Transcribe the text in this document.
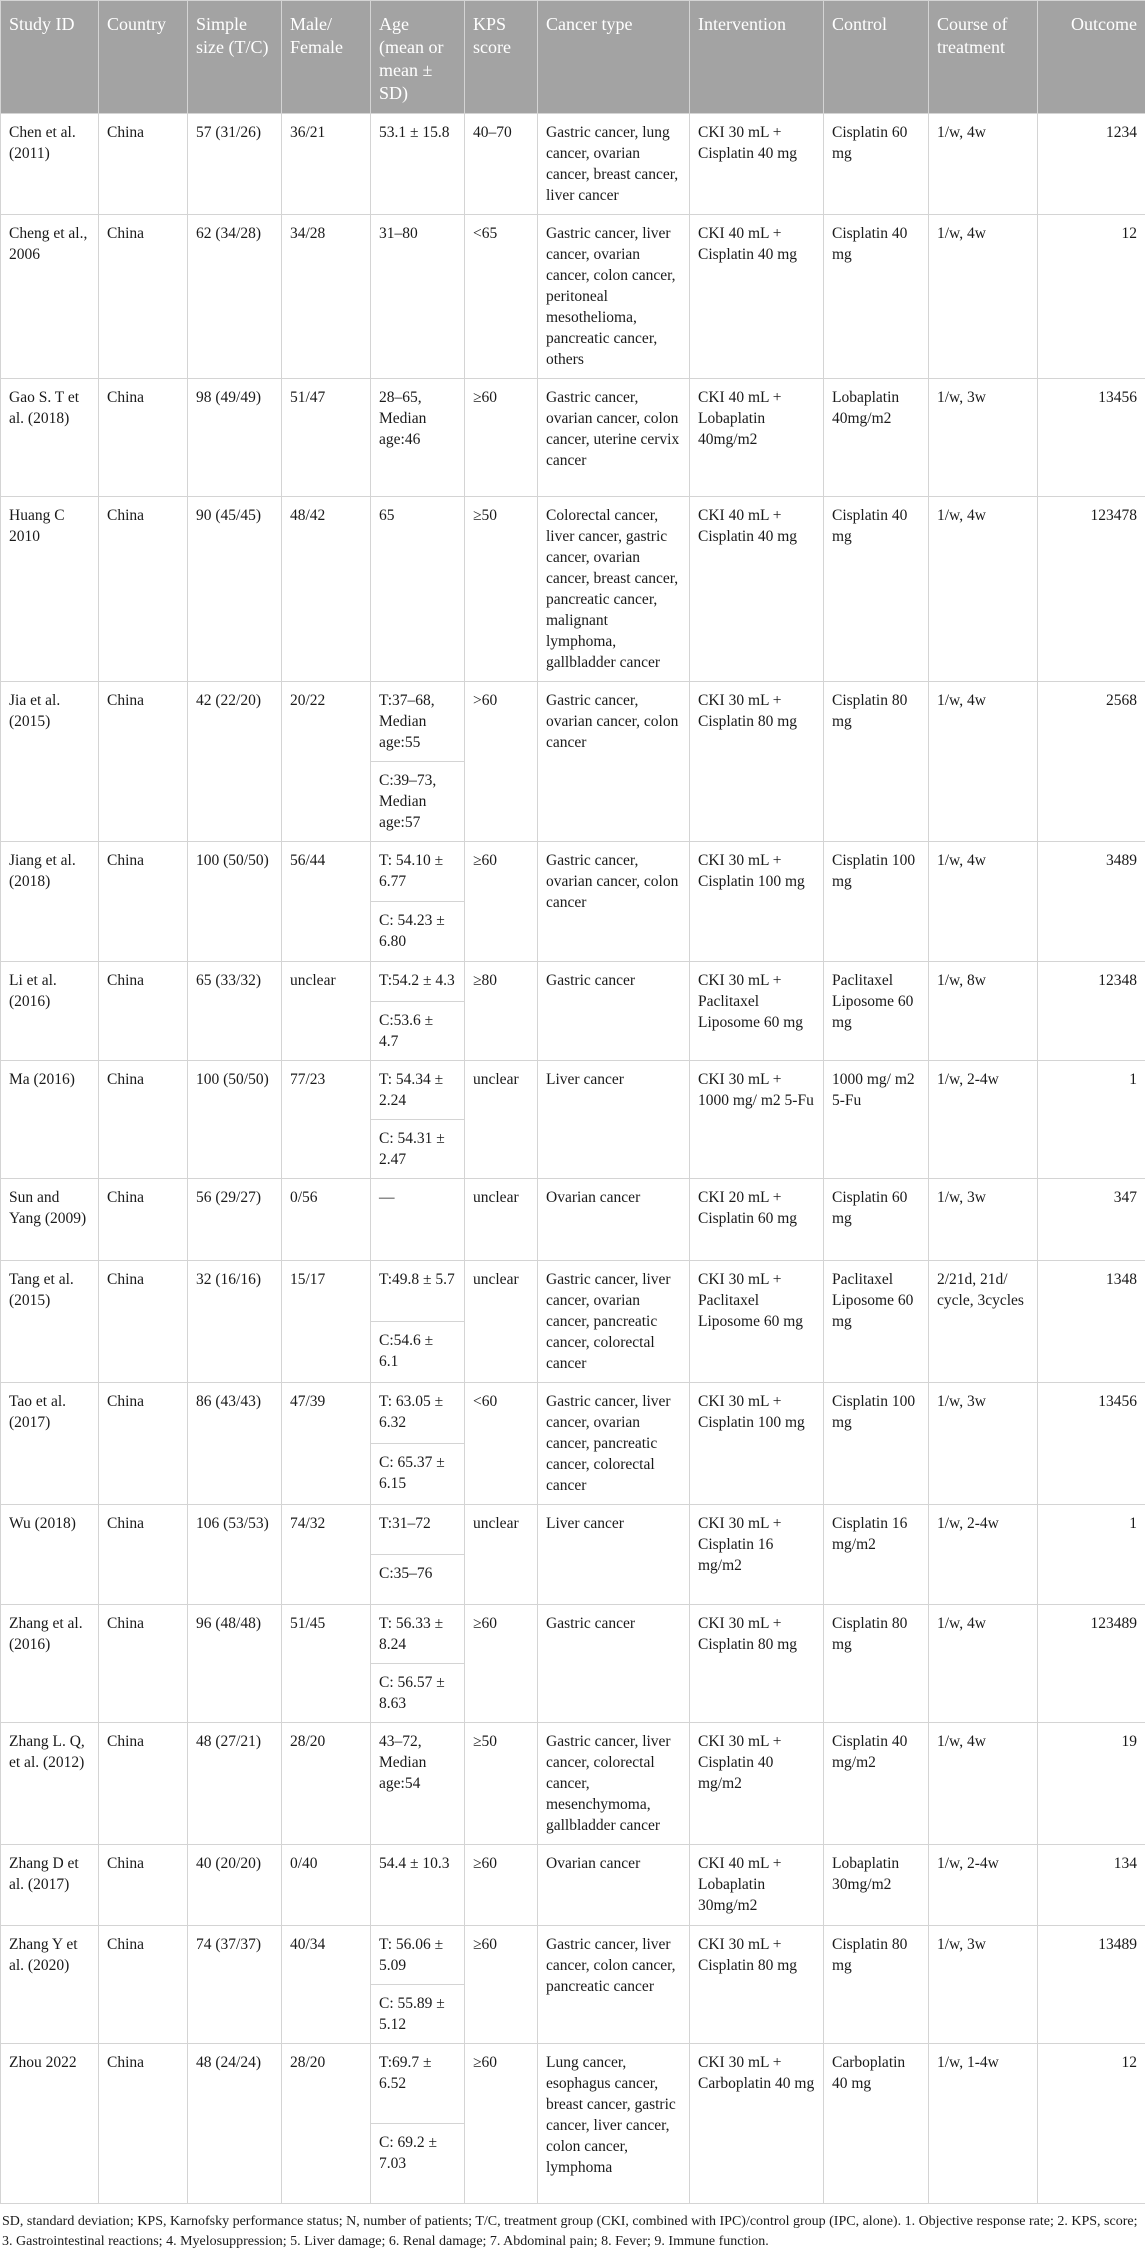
Study ID	Country	Simple size (T/C)	Male/ Female	Age (mean or mean ± SD)	KPS score	Cancer type	Intervention	Control	Course of treatment	Outcome
Chen et al. (2011)	China	57 (31/26)	36/21	53.1 ± 15.8	40–70	Gastric cancer, lung cancer, ovarian cancer, breast cancer, liver cancer	CKI 30 mL + Cisplatin 40 mg	Cisplatin 60 mg	1/w, 4w	1234
Cheng et al., 2006	China	62 (34/28)	34/28	31–80	<65	Gastric cancer, liver cancer, ovarian cancer, colon cancer, peritoneal mesothelioma, pancreatic cancer, others	CKI 40 mL + Cisplatin 40 mg	Cisplatin 40 mg	1/w, 4w	12
Gao S. T et al. (2018)	China	98 (49/49)	51/47	28–65, Median age:46	≥60	Gastric cancer, ovarian cancer, colon cancer, uterine cervix cancer	CKI 40 mL + Lobaplatin 40mg/m2	Lobaplatin 40mg/m2	1/w, 3w	13456
Huang C 2010	China	90 (45/45)	48/42	65	≥50	Colorectal cancer, liver cancer, gastric cancer, ovarian cancer, breast cancer, pancreatic cancer, malignant lymphoma, gallbladder cancer	CKI 40 mL + Cisplatin 40 mg	Cisplatin 40 mg	1/w, 4w	123478
Jia et al. (2015)	China	42 (22/20)	20/22	T:37–68, Median age:55	>60	Gastric cancer, ovarian cancer, colon cancer	CKI 30 mL + Cisplatin 80 mg	Cisplatin 80 mg	1/w, 4w	2568
				C:39–73, Median age:57						
Jiang et al. (2018)	China	100 (50/50)	56/44	T: 54.10 ± 6.77	≥60	Gastric cancer, ovarian cancer, colon cancer	CKI 30 mL + Cisplatin 100 mg	Cisplatin 100 mg	1/w, 4w	3489
				C: 54.23 ± 6.80						
Li et al. (2016)	China	65 (33/32)	unclear	T:54.2 ± 4.3	≥80	Gastric cancer	CKI 30 mL + Paclitaxel Liposome 60 mg	Paclitaxel Liposome 60 mg	1/w, 8w	12348
				C:53.6 ± 4.7						
Ma (2016)	China	100 (50/50)	77/23	T: 54.34 ± 2.24	unclear	Liver cancer	CKI 30 mL + 1000 mg/ m2 5-Fu	1000 mg/ m2 5-Fu	1/w, 2-4w	1
				C: 54.31 ± 2.47						
Sun and Yang (2009)	China	56 (29/27)	0/56	—	unclear	Ovarian cancer	CKI 20 mL + Cisplatin 60 mg	Cisplatin 60 mg	1/w, 3w	347
Tang et al. (2015)	China	32 (16/16)	15/17	T:49.8 ± 5.7	unclear	Gastric cancer, liver cancer, ovarian cancer, pancreatic cancer, colorectal cancer	CKI 30 mL + Paclitaxel Liposome 60 mg	Paclitaxel Liposome 60 mg	2/21d, 21d/ cycle, 3cycles	1348
				C:54.6 ± 6.1						
Tao et al. (2017)	China	86 (43/43)	47/39	T: 63.05 ± 6.32	<60	Gastric cancer, liver cancer, ovarian cancer, pancreatic cancer, colorectal cancer	CKI 30 mL + Cisplatin 100 mg	Cisplatin 100 mg	1/w, 3w	13456
				C: 65.37 ± 6.15						
Wu (2018)	China	106 (53/53)	74/32	T:31–72	unclear	Liver cancer	CKI 30 mL + Cisplatin 16 mg/m2	Cisplatin 16 mg/m2	1/w, 2-4w	1
				C:35–76						
Zhang et al. (2016)	China	96 (48/48)	51/45	T: 56.33 ± 8.24	≥60	Gastric cancer	CKI 30 mL + Cisplatin 80 mg	Cisplatin 80 mg	1/w, 4w	123489
				C: 56.57 ± 8.63						
Zhang L. Q, et al. (2012)	China	48 (27/21)	28/20	43–72, Median age:54	≥50	Gastric cancer, liver cancer, colorectal cancer, mesenchymoma, gallbladder cancer	CKI 30 mL + Cisplatin 40 mg/m2	Cisplatin 40 mg/m2	1/w, 4w	19
Zhang D et al. (2017)	China	40 (20/20)	0/40	54.4 ± 10.3	≥60	Ovarian cancer	CKI 40 mL + Lobaplatin 30mg/m2	Lobaplatin 30mg/m2	1/w, 2-4w	134
Zhang Y et al. (2020)	China	74 (37/37)	40/34	T: 56.06 ± 5.09	≥60	Gastric cancer, liver cancer, colon cancer, pancreatic cancer	CKI 30 mL + Cisplatin 80 mg	Cisplatin 80 mg	1/w, 3w	13489
				C: 55.89 ± 5.12						
Zhou 2022	China	48 (24/24)	28/20	T:69.7 ± 6.52	≥60	Lung cancer, esophagus cancer, breast cancer, gastric cancer, liver cancer, colon cancer, lymphoma	CKI 30 mL + Carboplatin 40 mg	Carboplatin 40 mg	1/w, 1-4w	12
				C: 69.2 ± 7.03						
SD, standard deviation; KPS, Karnofsky performance status; N, number of patients; T/C, treatment group (CKI, combined with IPC)/control group (IPC, alone). 1. Objective response rate; 2. KPS, score; 3. Gastrointestinal reactions; 4. Myelosuppression; 5. Liver damage; 6. Renal damage; 7. Abdominal pain; 8. Fever; 9. Immune function.
